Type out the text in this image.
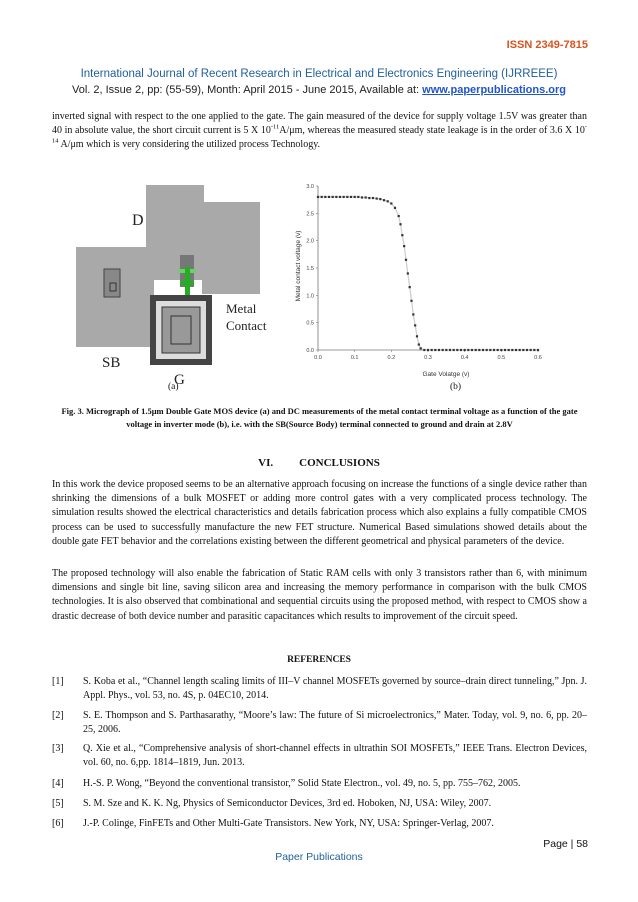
ISSN 2349-7815
International Journal of Recent Research in Electrical and Electronics Engineering (IJRREEE)
Vol. 2, Issue 2, pp: (55-59), Month: April 2015 - June 2015, Available at: www.paperpublications.org
inverted signal with respect to the one applied to the gate. The gain measured of the device for supply voltage 1.5V was greater than 40 in absolute value, the short circuit current is 5 X $10^{-11}A/\mu m$, whereas the measured steady state leakage is in the order of 3.6 X $10^{-14}$ A/μm which is very considering the utilized process Technology.
D
Metal
Contact
SB
G
0.0	0.1	0.2	0.3	0.4	0.5	0.6
0.0
0.5
1.0
1.5
2.0
2.5
3.0
Gate Volatge (v)
Metal contact voltage (v)
(a)	(b)
Fig. 3. Micrograph of 1.5μm Double Gate MOS device (a) and DC measurements of the metal contact terminal voltage as a function of the gate voltage in inverter mode (b), i.e. with the SB(Source Body) terminal connected to ground and drain at 2.8V
VI. CONCLUSIONS
In this work the device proposed seems to be an alternative approach focusing on increase the functions of a single device rather than shrinking the dimensions of a bulk MOSFET or adding more control gates with a very complicated process technology. The simulation results showed the electrical characteristics and details fabrication process which also explains a fully compatible CMOS process can be used to successfully manufacture the new FET structure. Numerical Based simulations showed details about the double gate FET behavior and the correlations existing between the different geometrical and physical parameters of the device.
The proposed technology will also enable the fabrication of Static RAM cells with only 3 transistors rather than 6, with minimum dimensions and single bit line, saving silicon area and increasing the memory performance in comparison with the bulk CMOS technologies. It is also observed that combinational and sequential circuits using the proposed method, with respect to CMOS show a drastic decrease of both device number and parasitic capacitances which results to improvement of the circuit speed.
REFERENCES
[1] S. Koba et al., “Channel length scaling limits of III–V channel MOSFETs governed by source–drain direct tunneling,” Jpn. J. Appl. Phys., vol. 53, no. 4S, p. 04EC10, 2014.
[2] S. E. Thompson and S. Parthasarathy, “Moore’s law: The future of Si microelectronics,” Mater. Today, vol. 9, no. 6, pp. 20–25, 2006.
[3] Q. Xie et al., “Comprehensive analysis of short-channel effects in ultrathin SOI MOSFETs,” IEEE Trans. Electron Devices, vol. 60, no. 6,pp. 1814–1819, Jun. 2013.
[4] H.-S. P. Wong, “Beyond the conventional transistor,” Solid State Electron., vol. 49, no. 5, pp. 755–762, 2005.
[5] S. M. Sze and K. K. Ng, Physics of Semiconductor Devices, 3rd ed. Hoboken, NJ, USA: Wiley, 2007.
[6] J.-P. Colinge, FinFETs and Other Multi-Gate Transistors. New York, NY, USA: Springer-Verlag, 2007.
Page | 58
Paper Publications
